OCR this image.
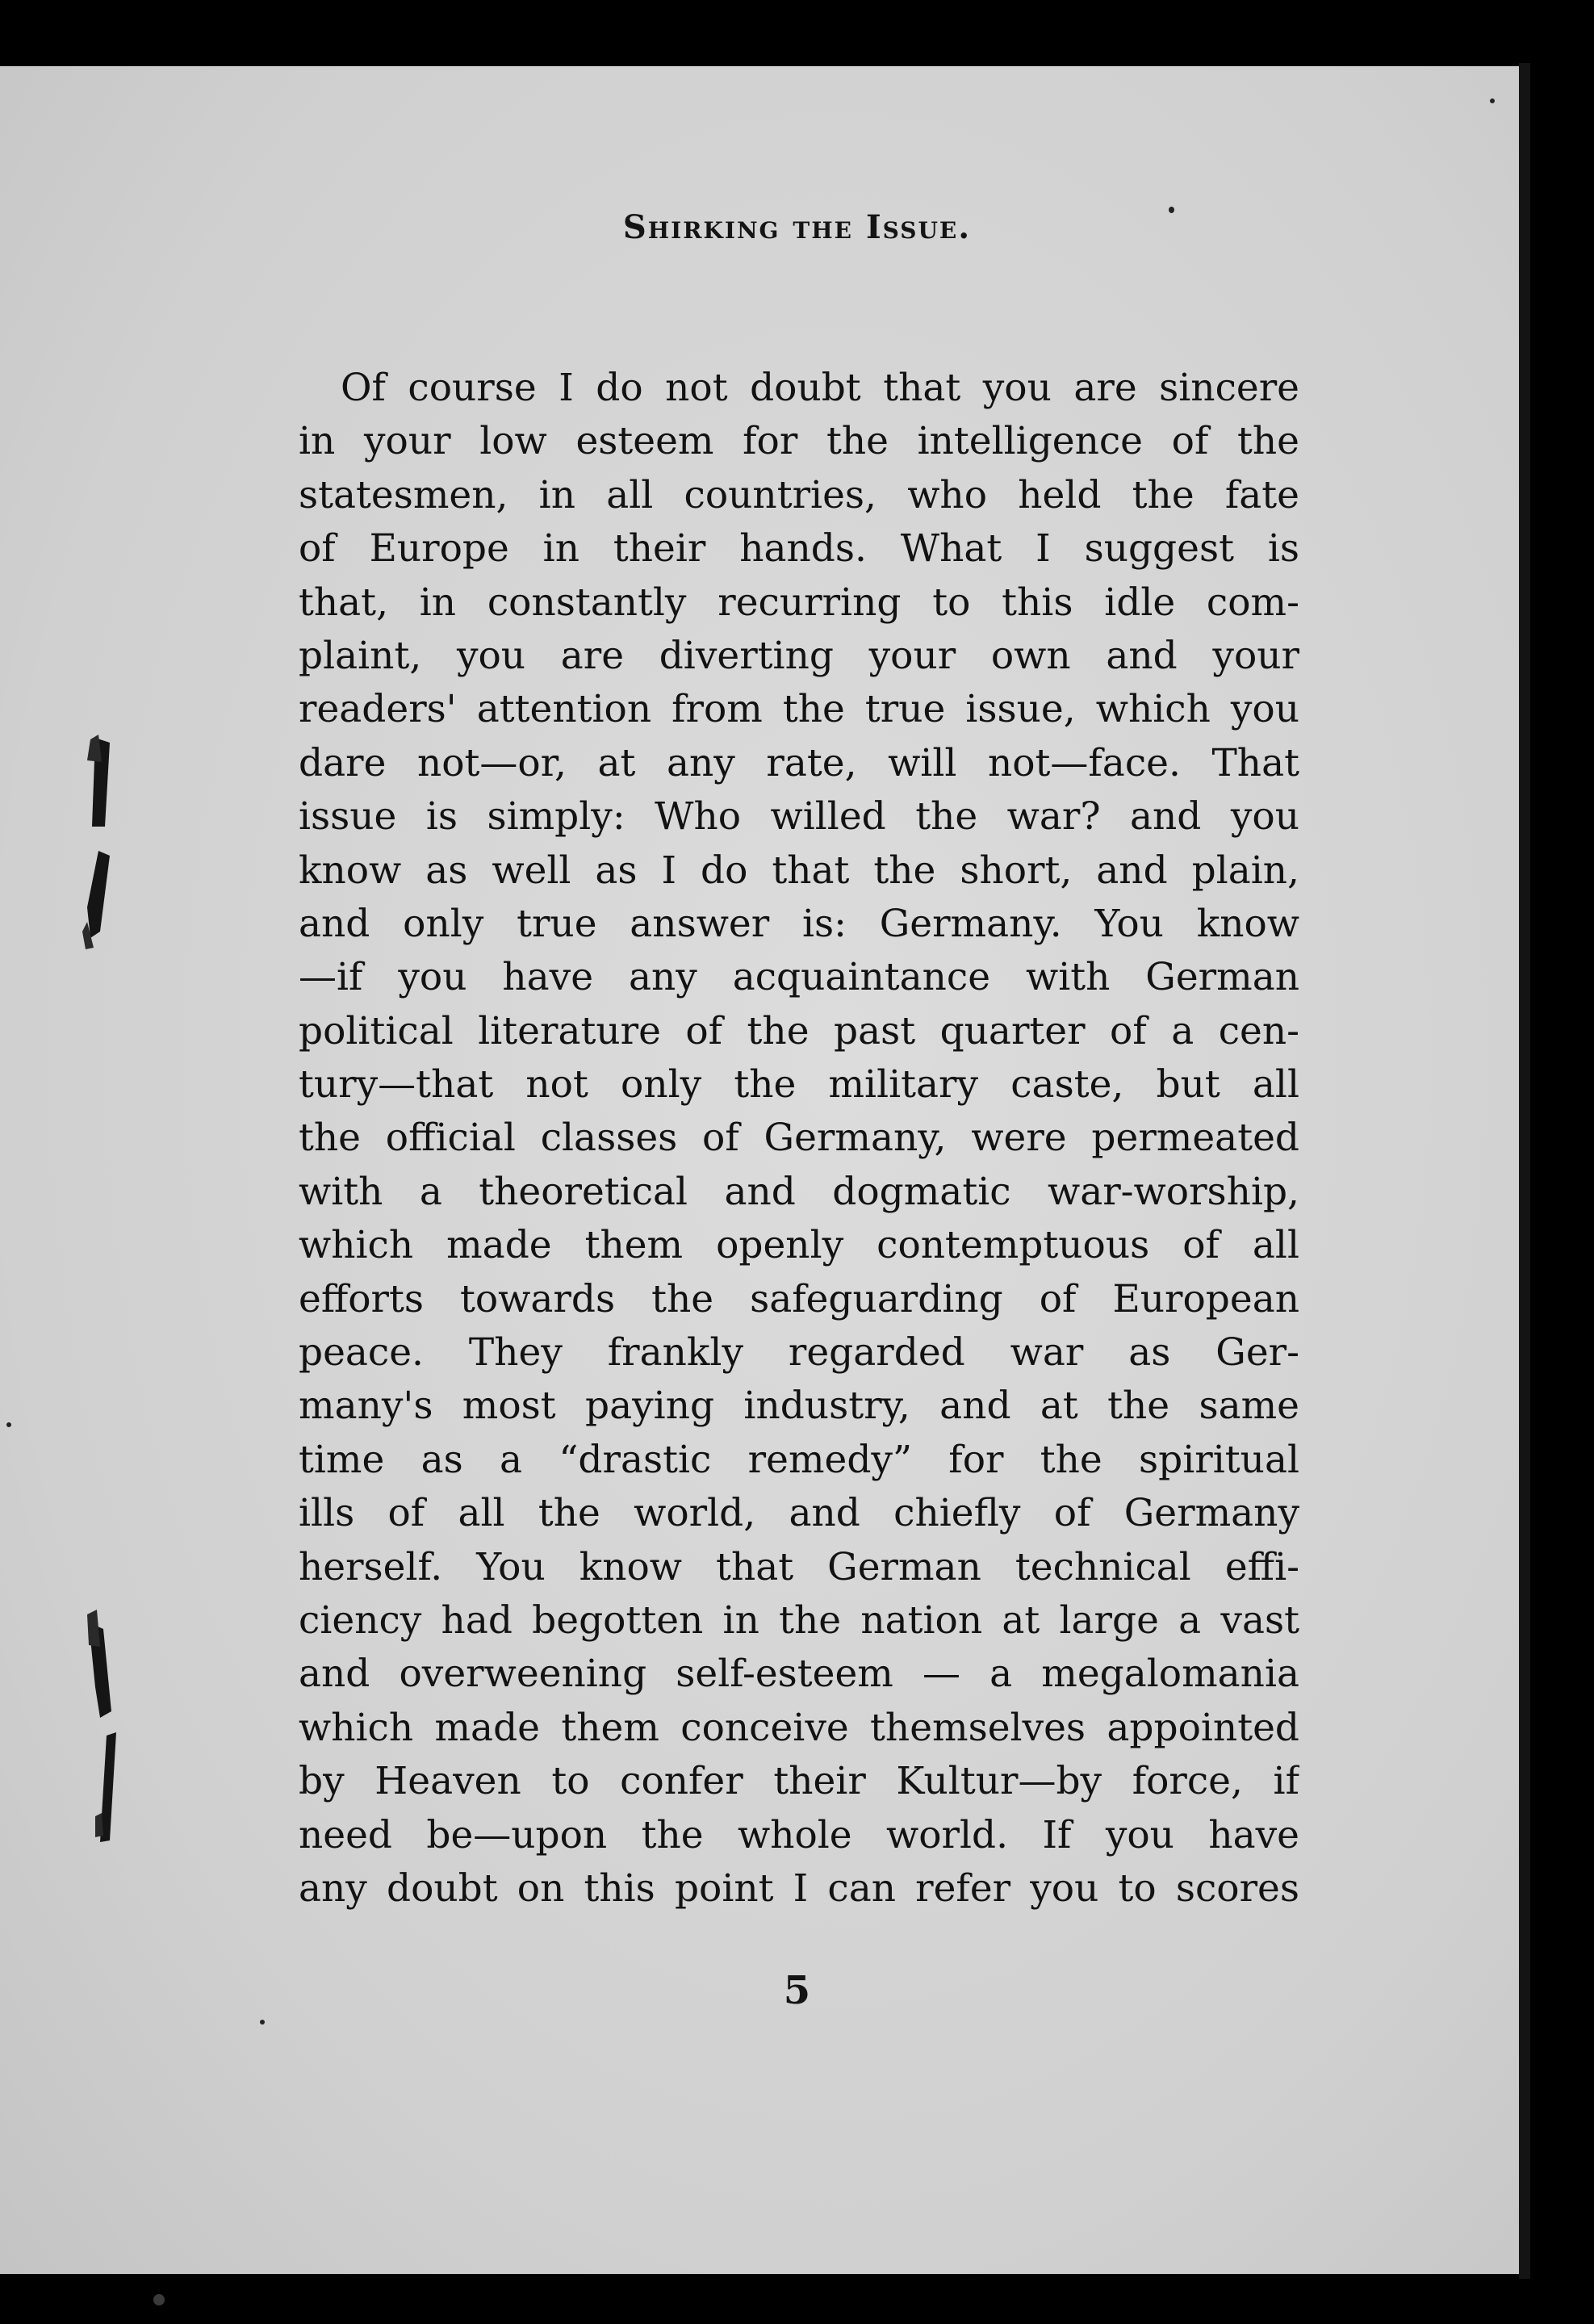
Shirking the Issue.
Of course I do not doubt that you are sincere
in your low esteem for the intelligence of the
statesmen, in all countries, who held the fate
of Europe in their hands. What I suggest is
that, in constantly recurring to this idle com-
plaint, you are diverting your own and your
readers' attention from the true issue, which you
dare not—or, at any rate, will not—face. That
issue is simply: Who willed the war? and you
know as well as I do that the short, and plain,
and only true answer is: Germany. You know
—if you have any acquaintance with German
political literature of the past quarter of a cen-
tury—that not only the military caste, but all
the official classes of Germany, were permeated
with a theoretical and dogmatic war-worship,
which made them openly contemptuous of all
efforts towards the safeguarding of European
peace. They frankly regarded war as Ger-
many's most paying industry, and at the same
time as a “drastic remedy” for the spiritual
ills of all the world, and chiefly of Germany
herself. You know that German technical effi-
ciency had begotten in the nation at large a vast
and overweening self-esteem — a megalomania
which made them conceive themselves appointed
by Heaven to confer their Kultur—by force, if
need be—upon the whole world. If you have
any doubt on this point I can refer you to scores
5
